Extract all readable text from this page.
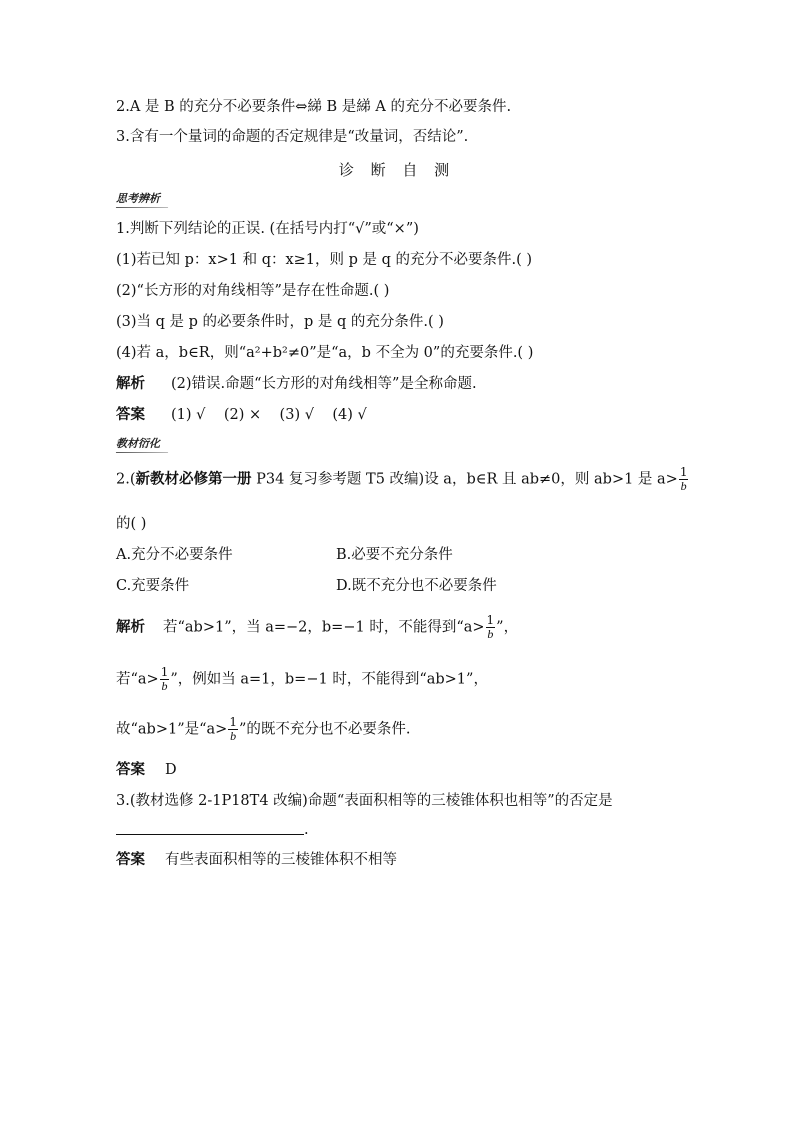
2.A 是 B 的充分不必要条件⇔綈 B 是綈 A 的充分不必要条件.
3.含有一个量词的命题的否定规律是“改量词，否结论”.
诊 断 自 测
思考辨析
1.判断下列结论的正误. (在括号内打“√”或“×”)
(1)若已知 p：x>1 和 q：x≥1，则 p 是 q 的充分不必要条件.( )
(2)“长方形的对角线相等”是存在性命题.( )
(3)当 q 是 p 的必要条件时，p 是 q 的充分条件.( )
(4)若 a，b∈R，则“a²+b²≠0”是“a，b 不全为 0”的充要条件.( )
解析 (2)错误.命题“长方形的对角线相等”是全称命题.
答案 (1) √    (2) ×    (3) √    (4) √
教材衍化
2.(新教材必修第一册 P34 复习参考题 T5 改编)设 a，b∈R 且 ab≠0，则 ab>1 是 $a> \frac{1}{b}$
的( )
A.充分不必要条件	B.必要不充分条件
C.充要条件	D.既不充分也不必要条件
解析 若“ab>1”，当 a=−2，b=−1 时，不能得到“$a> \frac{1}{b}$ ”，
若“$a> \frac{1}{b}$ ”，例如当 a=1，b=−1 时，不能得到“ab>1”，
故“ab>1”是“$a> \frac{1}{b}$ ”的既不充分也不必要条件.
答案 D
3.(教材选修 2-1P18T4 改编)命题“表面积相等的三棱锥体积也相等”的否定是
.
答案 有些表面积相等的三棱锥体积不相等
